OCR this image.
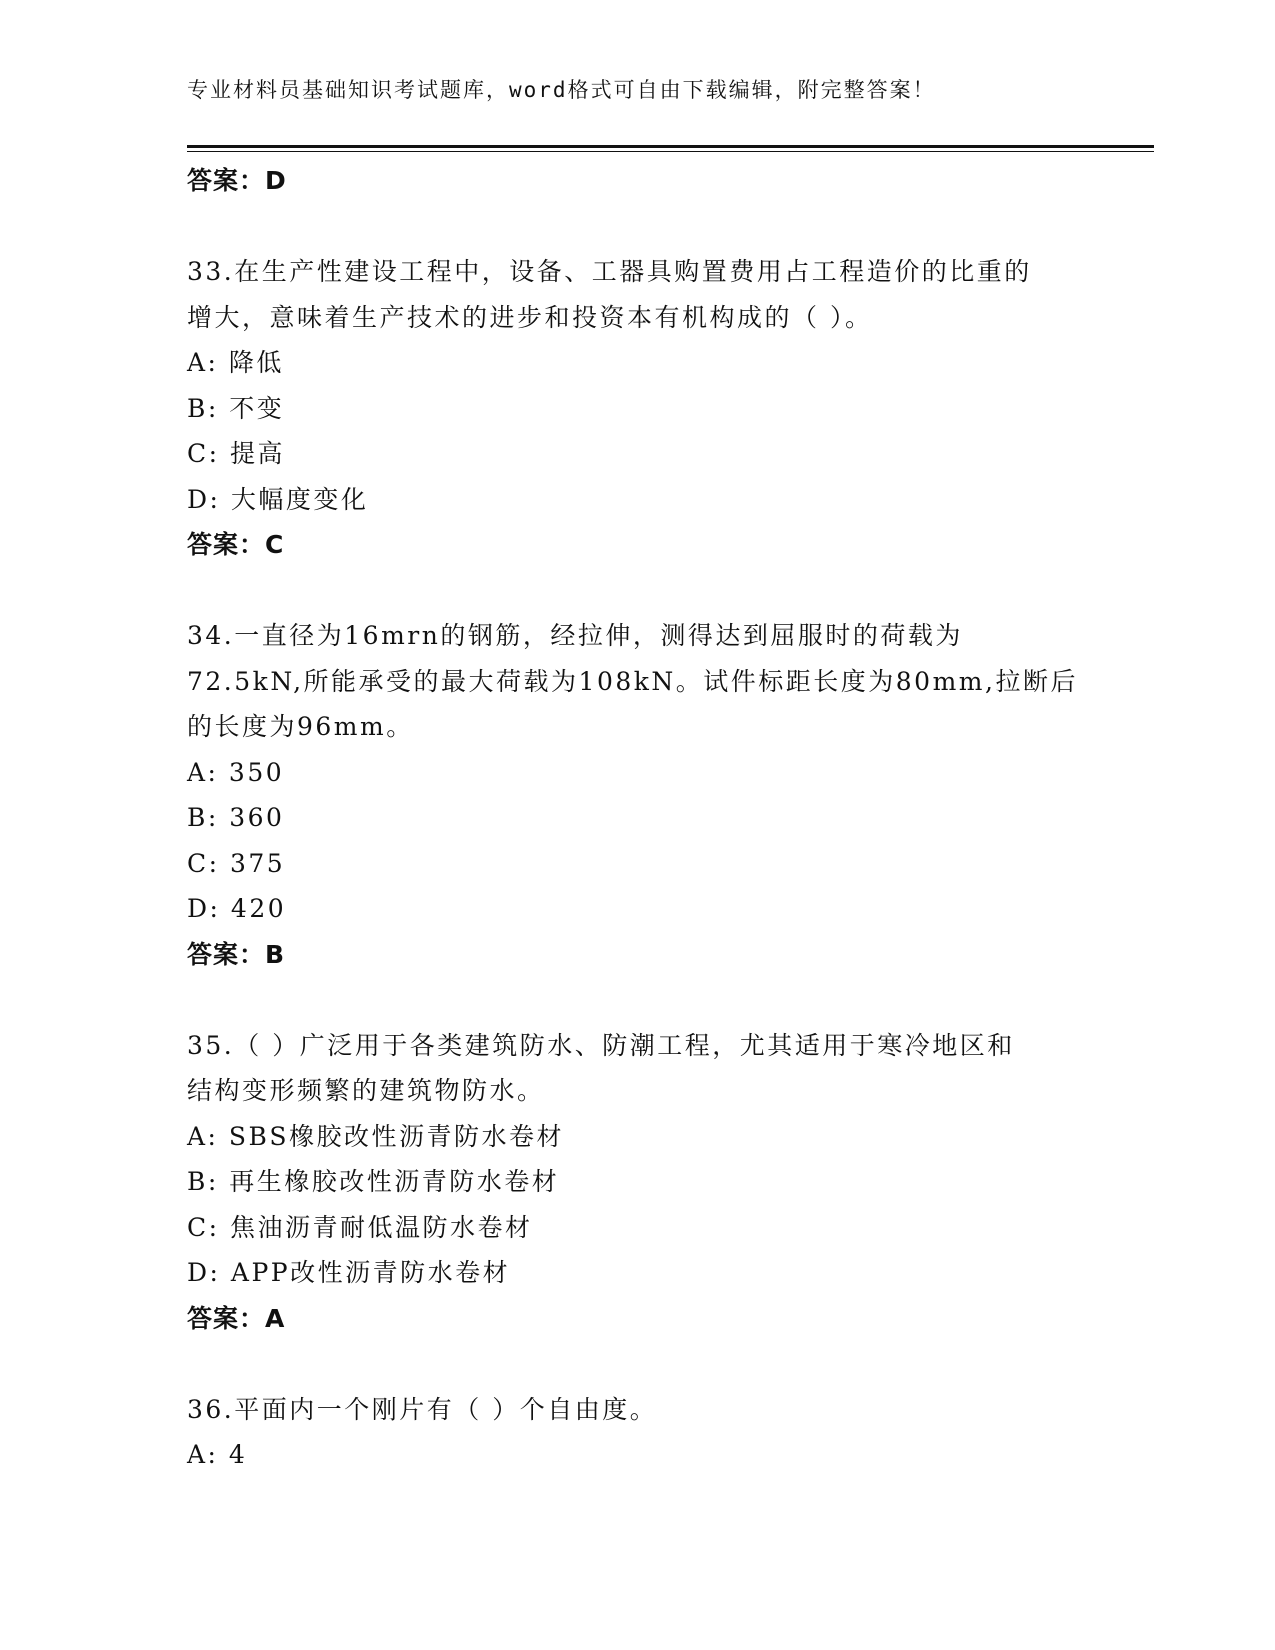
专业材料员基础知识考试题库，word格式可自由下载编辑，附完整答案！
答案：D
33.在生产性建设工程中，设备、工器具购置费用占工程造价的比重的
增大，意味着生产技术的进步和投资本有机构成的（ ）。
A: 降低
B: 不变
C: 提高
D: 大幅度变化
答案：C
34.一直径为16mrn的钢筋，经拉伸，测得达到屈服时的荷载为
72.5kN,所能承受的最大荷载为108kN。试件标距长度为80mm,拉断后
的长度为96mm。
A: 350
B: 360
C: 375
D: 420
答案：B
35.（ ）广泛用于各类建筑防水、防潮工程，尤其适用于寒冷地区和
结构变形频繁的建筑物防水。
A: SBS橡胶改性沥青防水卷材
B: 再生橡胶改性沥青防水卷材
C: 焦油沥青耐低温防水卷材
D: APP改性沥青防水卷材
答案：A
36.平面内一个刚片有（ ）个自由度。
A: 4
